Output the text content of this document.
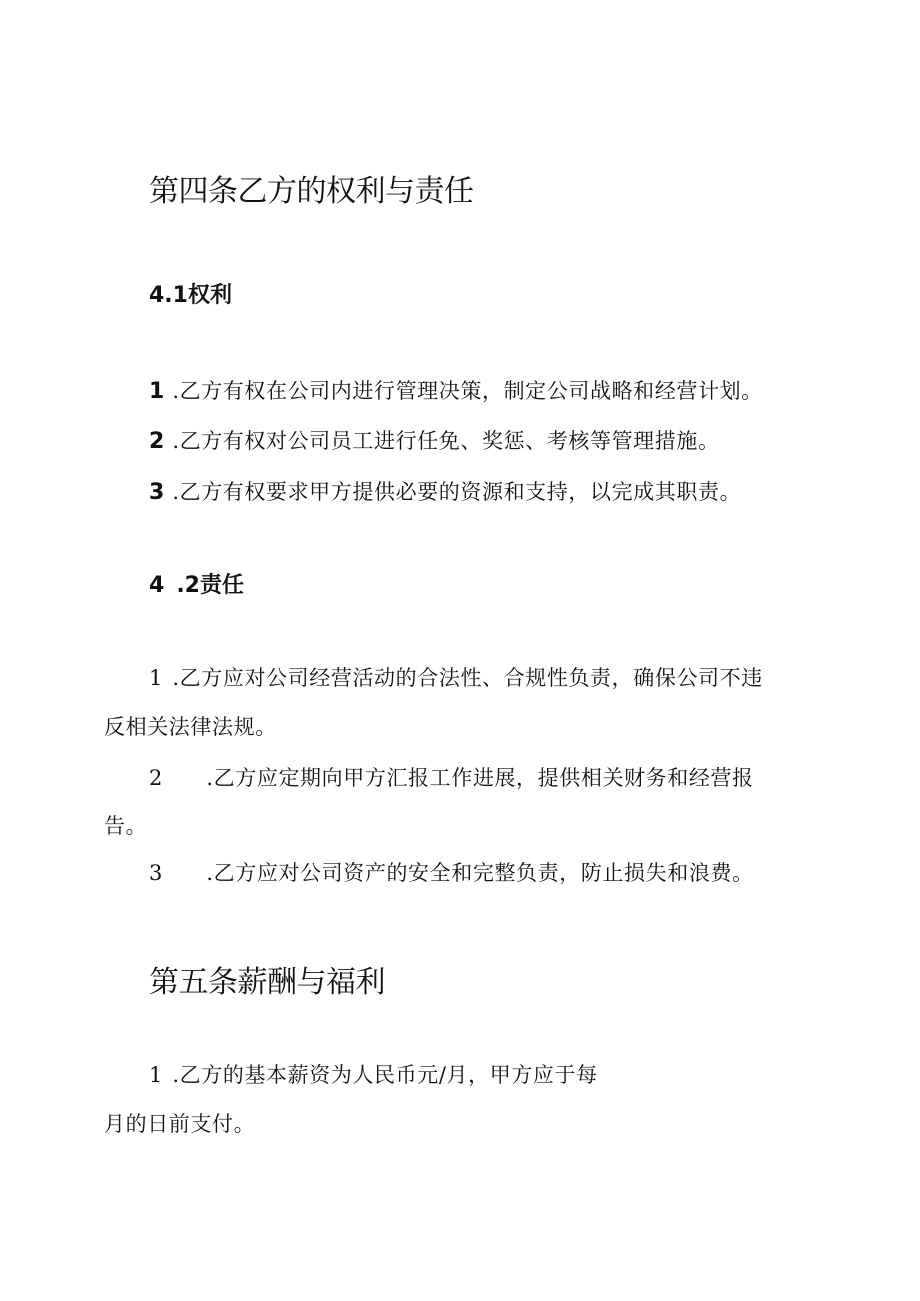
第四条乙方的权利与责任
4.1权利
1 .乙方有权在公司内进行管理决策，制定公司战略和经营计划。
2 .乙方有权对公司员工进行任免、奖惩、考核等管理措施。
3 .乙方有权要求甲方提供必要的资源和支持，以完成其职责。
4 .2责任
1 .乙方应对公司经营活动的合法性、合规性负责，确保公司不违
反相关法律法规。
2 .乙方应定期向甲方汇报工作进展，提供相关财务和经营报
告。
3 .乙方应对公司资产的安全和完整负责，防止损失和浪费。
第五条薪酬与福利
1 .乙方的基本薪资为人民币元/月，甲方应于每
月的日前支付。
